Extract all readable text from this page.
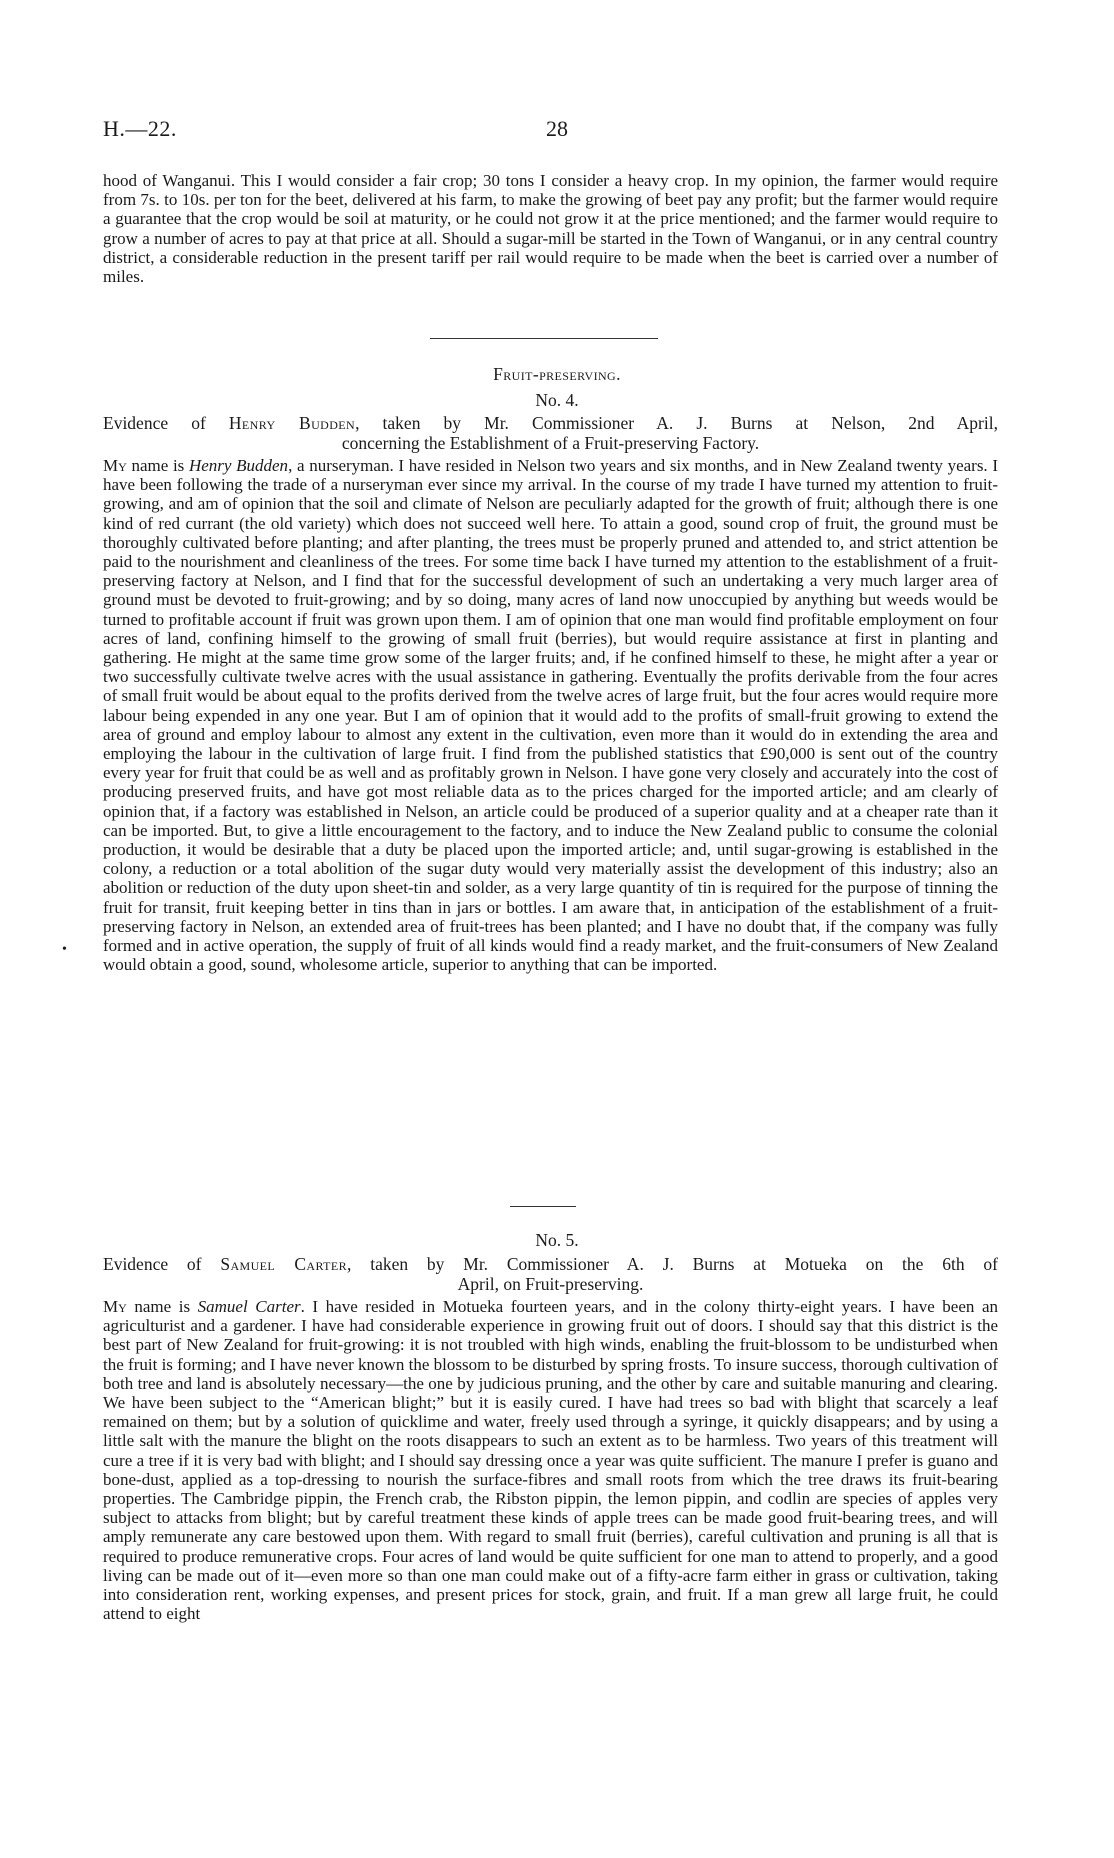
H.—22.	28

hood of Wanganui. This I would consider a fair crop; 30 tons I consider a heavy crop. In my opinion, the farmer would require from 7s. to 10s. per ton for the beet, delivered at his farm, to make the growing of beet pay any profit; but the farmer would require a guarantee that the crop would be soil at maturity, or he could not grow it at the price mentioned; and the farmer would require to grow a number of acres to pay at that price at all. Should a sugar-mill be started in the Town of Wanganui, or in any central country district, a considerable reduction in the present tariff per rail would require to be made when the beet is carried over a number of miles.

Fruit-preserving.
No. 4.
Evidence of Henry Budden, taken by Mr. Commissioner A. J. Burns at Nelson, 2nd April,
concerning the Establishment of a Fruit-preserving Factory.

My name is Henry Budden, a nurseryman. I have resided in Nelson two years and six months, and in New Zealand twenty years. I have been following the trade of a nurseryman ever since my arrival. In the course of my trade I have turned my attention to fruit-growing, and am of opinion that the soil and climate of Nelson are peculiarly adapted for the growth of fruit; although there is one kind of red currant (the old variety) which does not succeed well here. To attain a good, sound crop of fruit, the ground must be thoroughly cultivated before planting; and after planting, the trees must be properly pruned and attended to, and strict attention be paid to the nourishment and cleanliness of the trees. For some time back I have turned my attention to the establishment of a fruit-preserving factory at Nelson, and I find that for the successful development of such an undertaking a very much larger area of ground must be devoted to fruit-growing; and by so doing, many acres of land now unoccupied by anything but weeds would be turned to profitable account if fruit was grown upon them. I am of opinion that one man would find profitable employment on four acres of land, confining himself to the growing of small fruit (berries), but would require assistance at first in planting and gathering. He might at the same time grow some of the larger fruits; and, if he confined himself to these, he might after a year or two successfully cultivate twelve acres with the usual assistance in gathering. Eventually the profits derivable from the four acres of small fruit would be about equal to the profits derived from the twelve acres of large fruit, but the four acres would require more labour being expended in any one year. But I am of opinion that it would add to the profits of small-fruit growing to extend the area of ground and employ labour to almost any extent in the cultivation, even more than it would do in extending the area and employing the labour in the cultivation of large fruit. I find from the published statistics that £90,000 is sent out of the country every year for fruit that could be as well and as profitably grown in Nelson. I have gone very closely and accurately into the cost of producing preserved fruits, and have got most reliable data as to the prices charged for the imported article; and am clearly of opinion that, if a factory was established in Nelson, an article could be produced of a superior quality and at a cheaper rate than it can be imported. But, to give a little encouragement to the factory, and to induce the New Zealand public to consume the colonial production, it would be desirable that a duty be placed upon the imported article; and, until sugar-growing is established in the colony, a reduction or a total abolition of the sugar duty would very materially assist the development of this industry; also an abolition or reduction of the duty upon sheet-tin and solder, as a very large quantity of tin is required for the purpose of tinning the fruit for transit, fruit keeping better in tins than in jars or bottles. I am aware that, in anticipation of the establishment of a fruit-preserving factory in Nelson, an extended area of fruit-trees has been planted; and I have no doubt that, if the company was fully formed and in active operation, the supply of fruit of all kinds would find a ready market, and the fruit-consumers of New Zealand would obtain a good, sound, wholesome article, superior to anything that can be imported.

•
No. 5.
Evidence of Samuel Carter, taken by Mr. Commissioner A. J. Burns at Motueka on the 6th of
April, on Fruit-preserving.

My name is Samuel Carter. I have resided in Motueka fourteen years, and in the colony thirty-eight years. I have been an agriculturist and a gardener. I have had considerable experience in growing fruit out of doors. I should say that this district is the best part of New Zealand for fruit-growing: it is not troubled with high winds, enabling the fruit-blossom to be undisturbed when the fruit is forming; and I have never known the blossom to be disturbed by spring frosts. To insure success, thorough cultivation of both tree and land is absolutely necessary—the one by judicious pruning, and the other by care and suitable manuring and clearing. We have been subject to the “American blight;” but it is easily cured. I have had trees so bad with blight that scarcely a leaf remained on them; but by a solution of quicklime and water, freely used through a syringe, it quickly disappears; and by using a little salt with the manure the blight on the roots disappears to such an extent as to be harmless. Two years of this treatment will cure a tree if it is very bad with blight; and I should say dressing once a year was quite sufficient. The manure I prefer is guano and bone-dust, applied as a top-dressing to nourish the surface-fibres and small roots from which the tree draws its fruit-bearing properties. The Cambridge pippin, the French crab, the Ribston pippin, the lemon pippin, and codlin are species of apples very subject to attacks from blight; but by careful treatment these kinds of apple trees can be made good fruit-bearing trees, and will amply remunerate any care bestowed upon them. With regard to small fruit (berries), careful cultivation and pruning is all that is required to produce remunerative crops. Four acres of land would be quite sufficient for one man to attend to properly, and a good living can be made out of it—even more so than one man could make out of a fifty-acre farm either in grass or cultivation, taking into consideration rent, working expenses, and present prices for stock, grain, and fruit. If a man grew all large fruit, he could attend to eight
